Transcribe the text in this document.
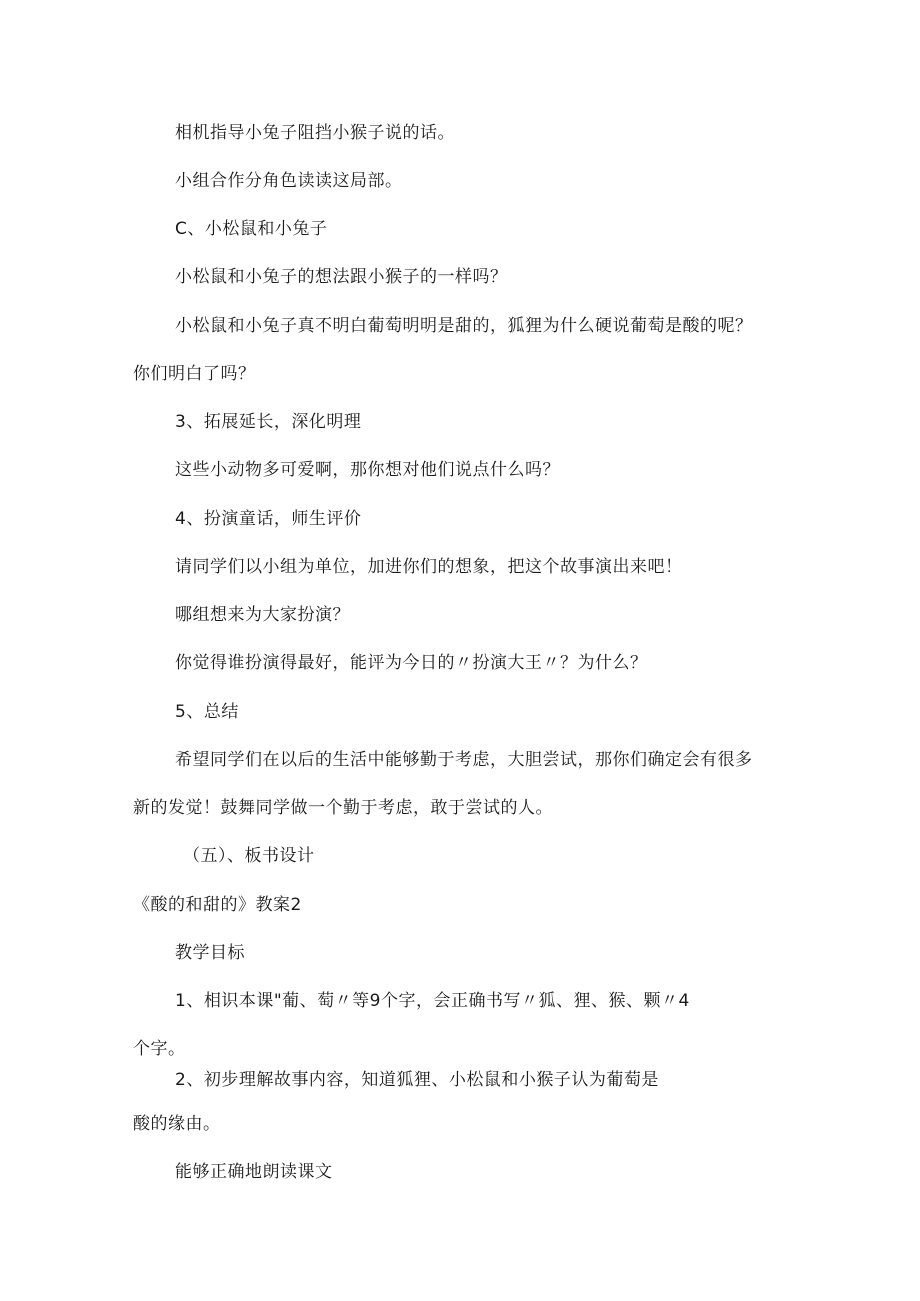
相机指导小兔子阻挡小猴子说的话。
小组合作分角色读读这局部。
C、小松鼠和小兔子
小松鼠和小兔子的想法跟小猴子的一样吗？
小松鼠和小兔子真不明白葡萄明明是甜的，狐狸为什么硬说葡萄是酸的呢？
你们明白了吗？
3、拓展延长，深化明理
这些小动物多可爱啊，那你想对他们说点什么吗？
4、扮演童话，师生评价
请同学们以小组为单位，加进你们的想象，把这个故事演出来吧！
哪组想来为大家扮演？
你觉得谁扮演得最好，能评为今日的〃扮演大王〃？为什么？
5、总结
希望同学们在以后的生活中能够勤于考虑，大胆尝试，那你们确定会有很多
新的发觉！鼓舞同学做一个勤于考虑，敢于尝试的人。
（五）、板书设计
《酸的和甜的》教案2
教学目标
1、相识本课"葡、萄〃等9个字，会正确书写〃狐、狸、猴、颗〃4
个字。
2、初步理解故事内容，知道狐狸、小松鼠和小猴子认为葡萄是
酸的缘由。
能够正确地朗读课文
